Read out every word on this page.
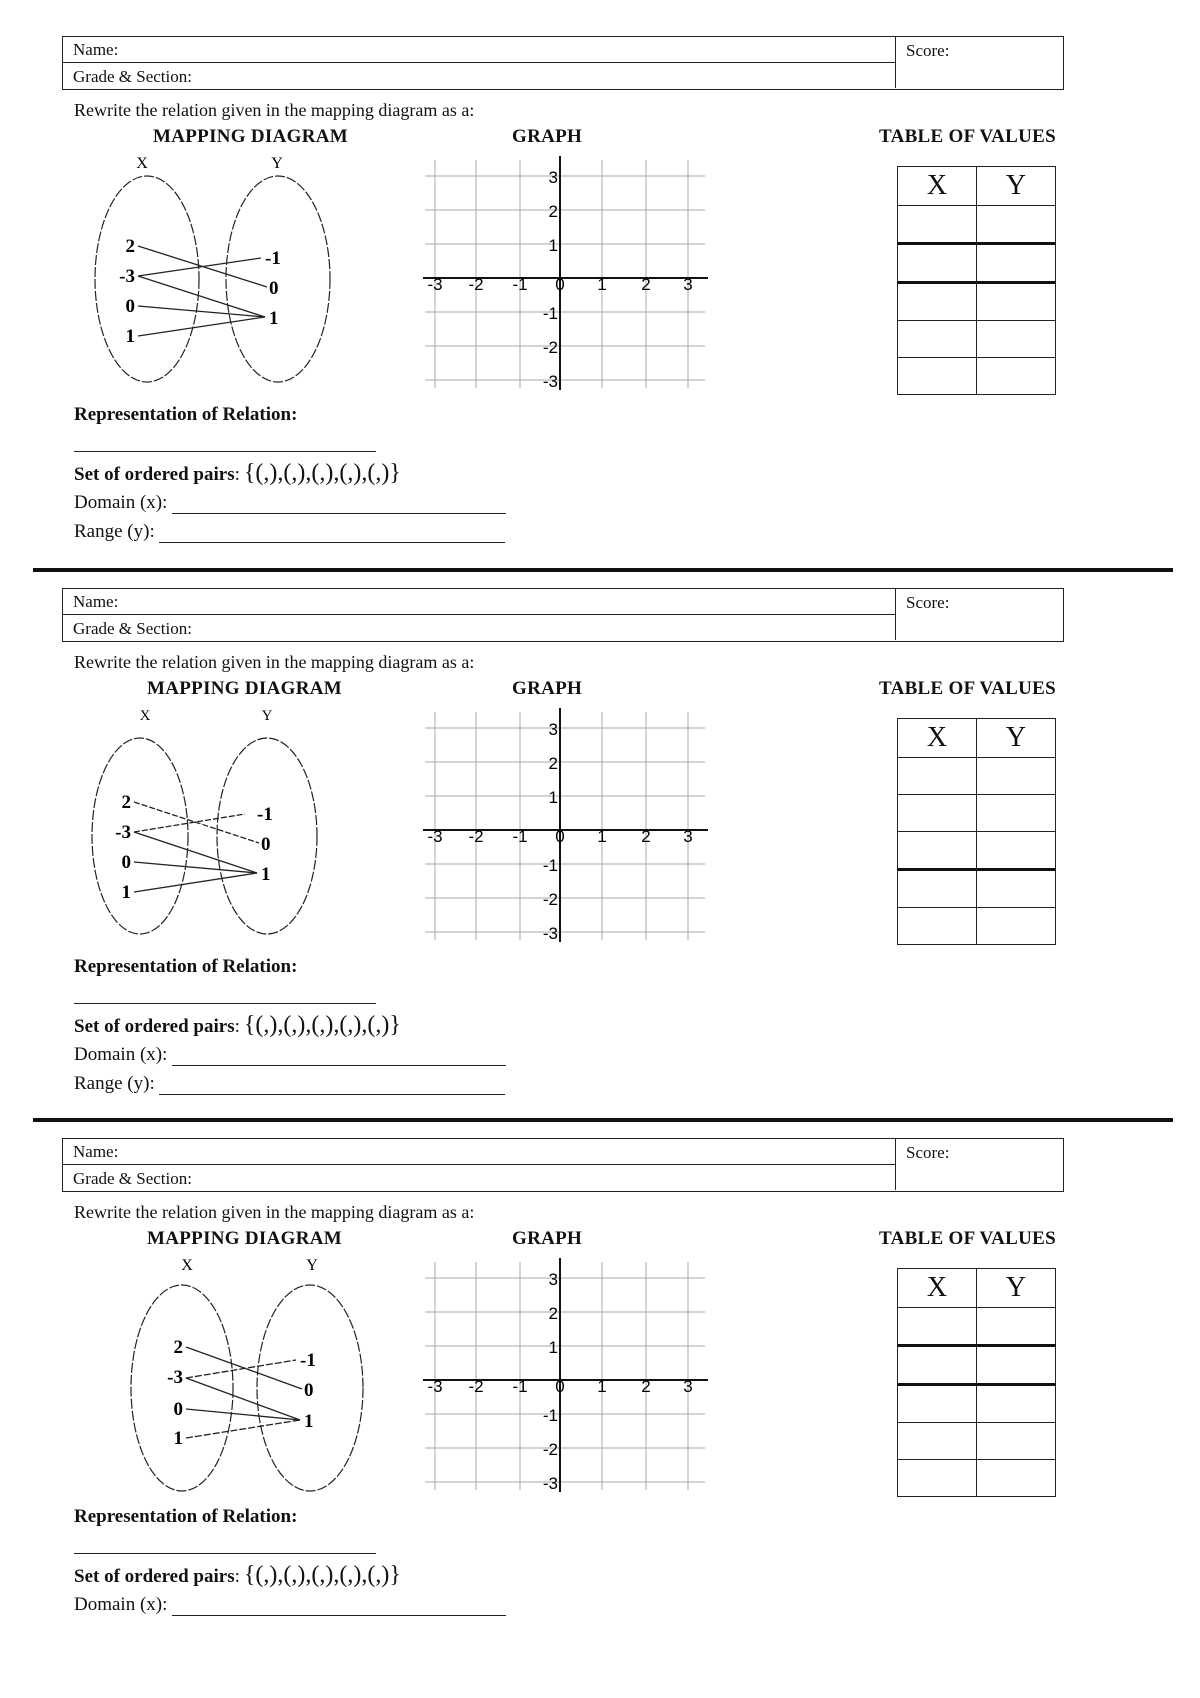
Name:
Grade & Section:
Score:
Rewrite the relation given in the mapping diagram as a:
MAPPING DIAGRAM	GRAPH	TABLE OF VALUES
X	Y
2
-3
0
1
-1
0
1
-3 -2 -1 0 1 2 3
3
2
1
-1
-2
-3
X	Y

Representation of Relation:
Set of ordered pairs: {(,),(,),(,),(,),(,)}
Domain (x):
Range (y):
Name:
Grade & Section:
Score:
Rewrite the relation given in the mapping diagram as a:
MAPPING DIAGRAM	GRAPH	TABLE OF VALUES
X	Y
2
-3
0
1
-1
0
1
-3 -2 -1 0 1 2 3
3
2
1
-1
-2
-3
X	Y

Representation of Relation:
Set of ordered pairs: {(,),(,),(,),(,),(,)}
Domain (x):
Range (y):
Name:
Grade & Section:
Score:
Rewrite the relation given in the mapping diagram as a:
MAPPING DIAGRAM	GRAPH	TABLE OF VALUES
X	Y
2
-3
0
1
-1
0
1
-3 -2 -1 0 1 2 3
3
2
1
-1
-2
-3
X	Y

Representation of Relation:
Set of ordered pairs: {(,),(,),(,),(,),(,)}
Domain (x):
